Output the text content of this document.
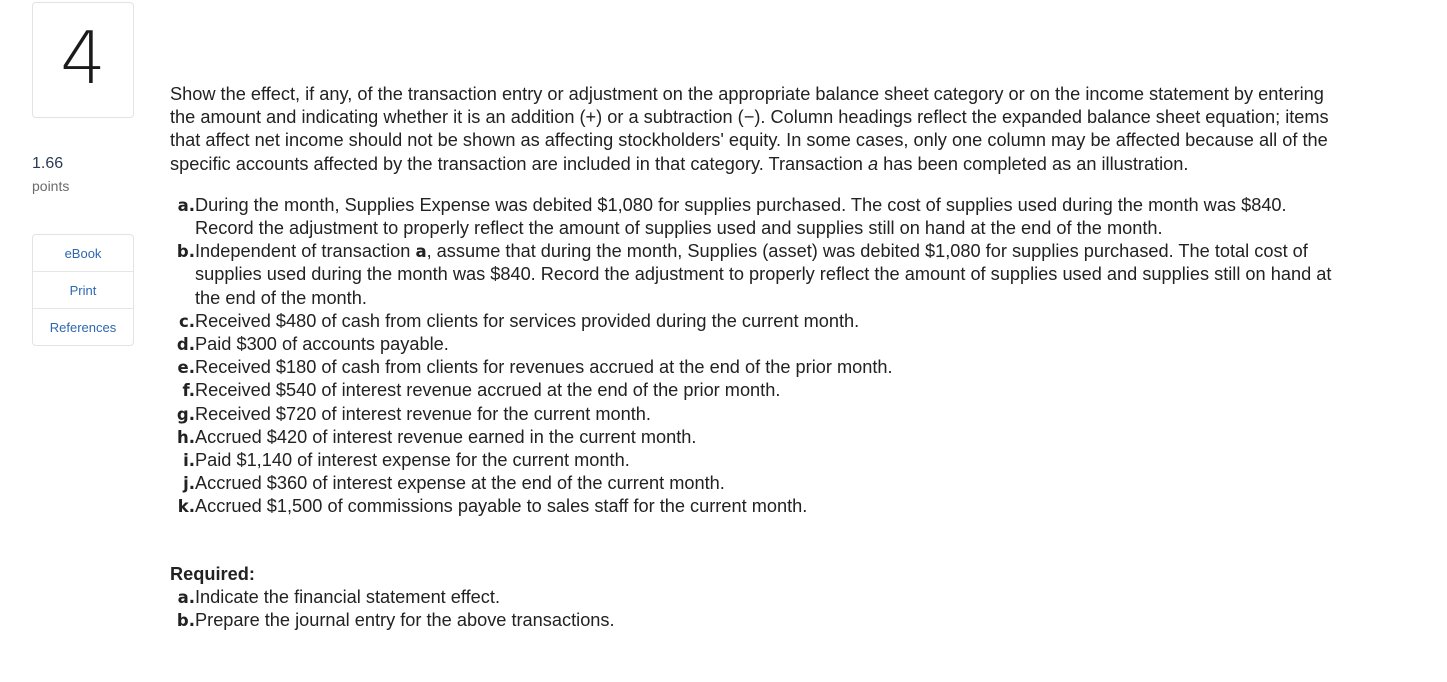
4
1.66
points
eBook
Print
References

Show the effect, if any, of the transaction entry or adjustment on the appropriate balance sheet category or on the income statement by entering the amount and indicating whether it is an addition (+) or a subtraction (−). Column headings reflect the expanded balance sheet equation; items that affect net income should not be shown as affecting stockholders' equity. In some cases, only one column may be affected because all of the specific accounts affected by the transaction are included in that category. Transaction a has been completed as an illustration.

a. During the month, Supplies Expense was debited $1,080 for supplies purchased. The cost of supplies used during the month was $840. Record the adjustment to properly reflect the amount of supplies used and supplies still on hand at the end of the month.
b. Independent of transaction a, assume that during the month, Supplies (asset) was debited $1,080 for supplies purchased. The total cost of supplies used during the month was $840. Record the adjustment to properly reflect the amount of supplies used and supplies still on hand at the end of the month.
c. Received $480 of cash from clients for services provided during the current month.
d. Paid $300 of accounts payable.
e. Received $180 of cash from clients for revenues accrued at the end of the prior month.
f. Received $540 of interest revenue accrued at the end of the prior month.
g. Received $720 of interest revenue for the current month.
h. Accrued $420 of interest revenue earned in the current month.
i. Paid $1,140 of interest expense for the current month.
j. Accrued $360 of interest expense at the end of the current month.
k. Accrued $1,500 of commissions payable to sales staff for the current month.

Required:

a. Indicate the financial statement effect.
b. Prepare the journal entry for the above transactions.
